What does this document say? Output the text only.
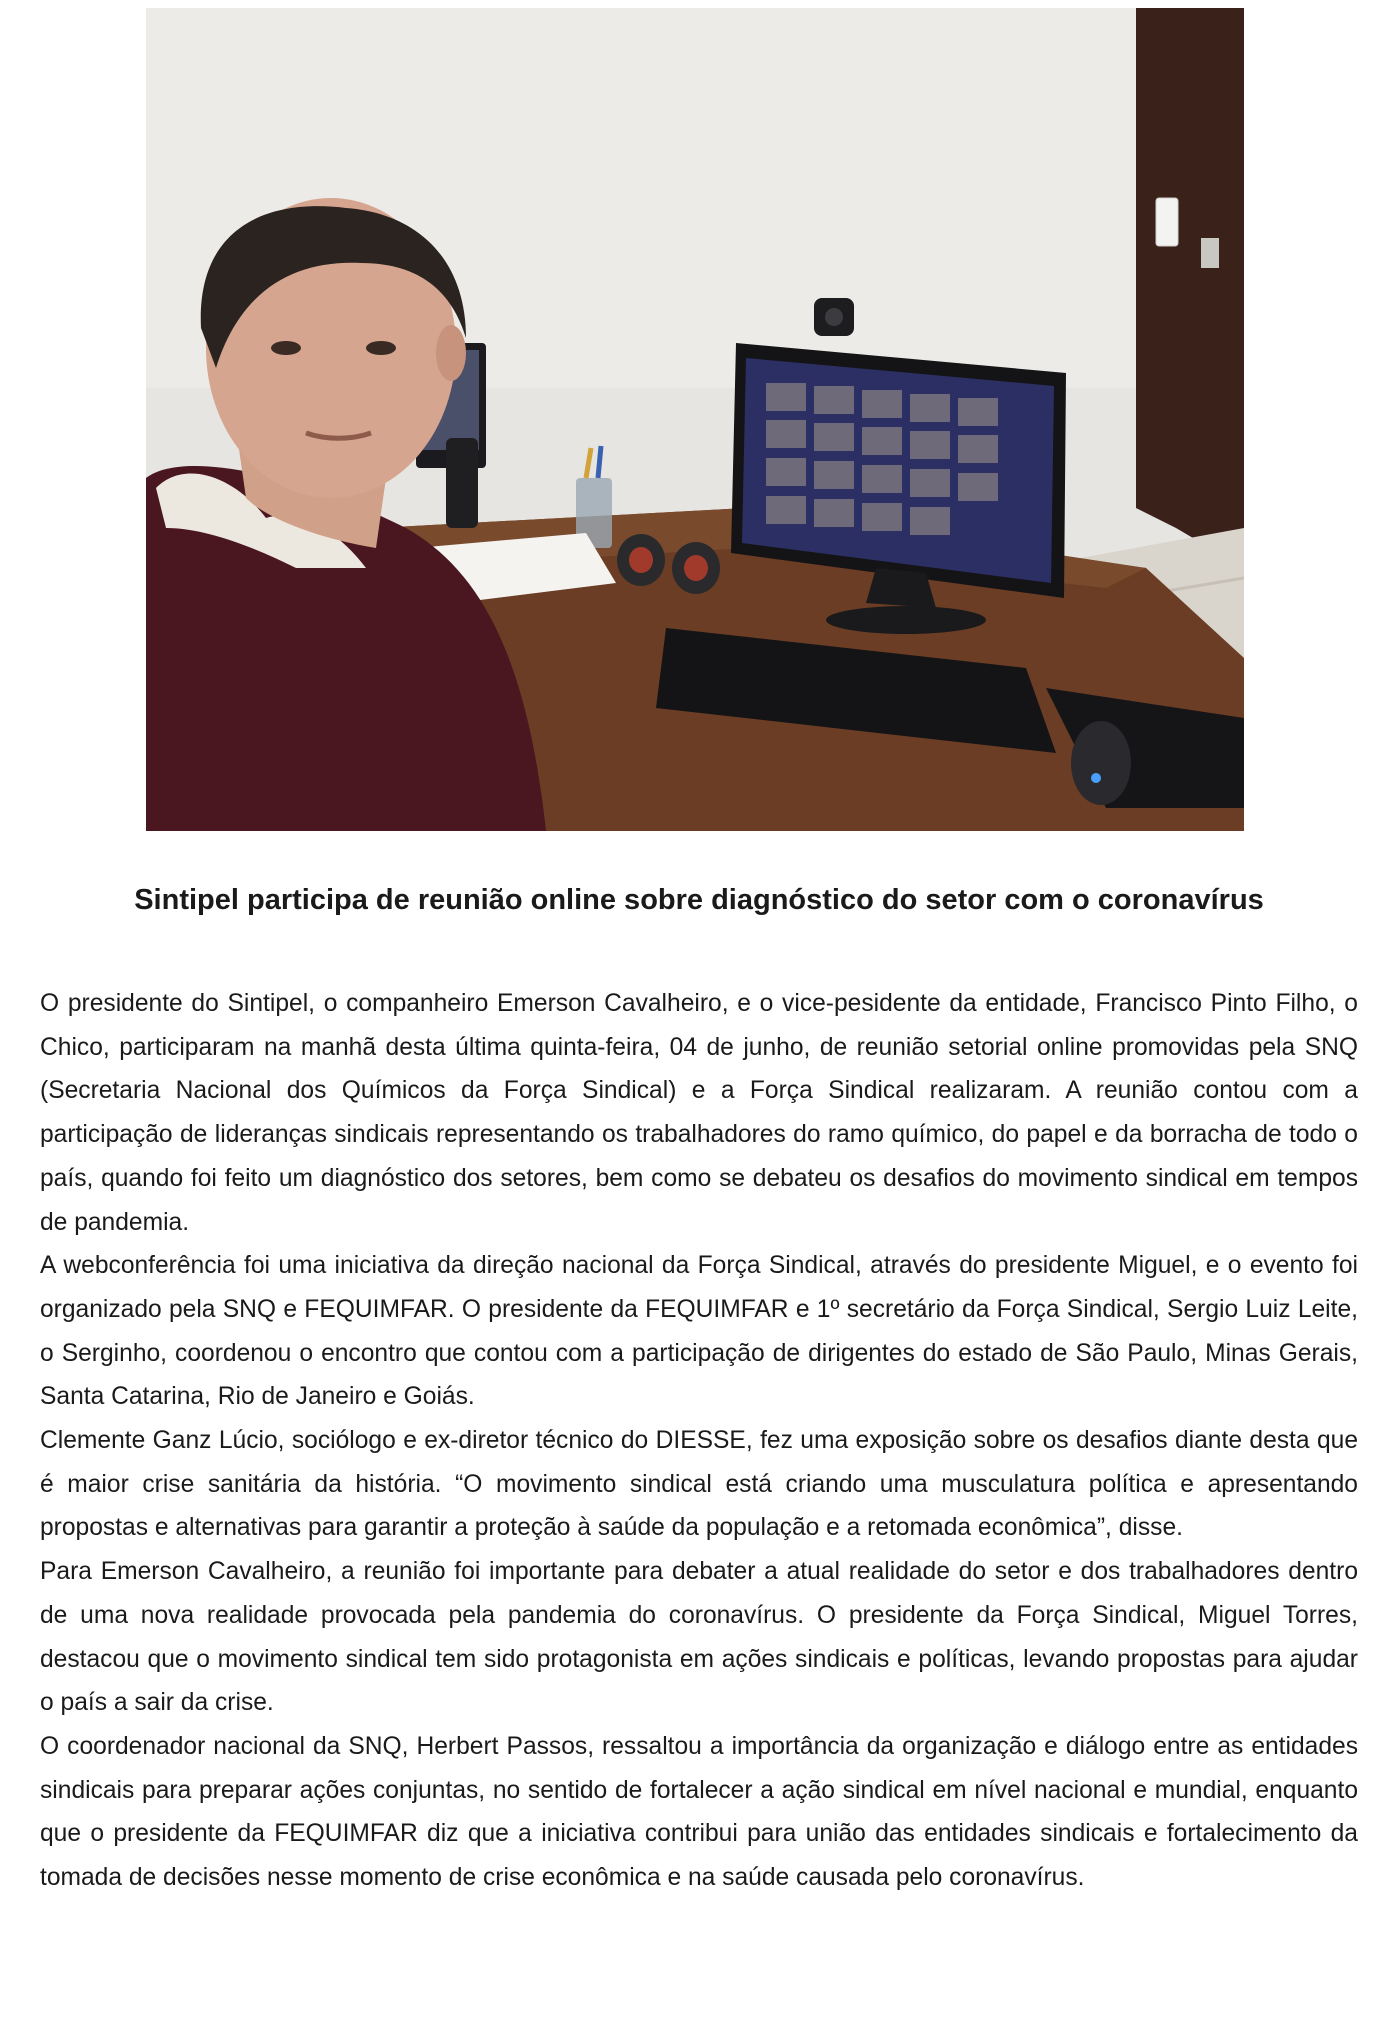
Sintipel participa de reunião online sobre diagnóstico do setor com o coronavírus

O presidente do Sintipel, o companheiro Emerson Cavalheiro, e o vice-pesidente da entidade, Francisco Pinto Filho, o Chico, participaram na manhã desta última quinta-feira, 04 de junho, de reunião setorial online promovidas pela SNQ (Secretaria Nacional dos Químicos da Força Sindical) e a Força Sindical realizaram. A reunião contou com a participação de lideranças sindicais representando os trabalhadores do ramo químico, do papel e da borracha de todo o país, quando foi feito um diagnóstico dos setores, bem como se debateu os desafios do movimento sindical em tempos de pandemia.

A webconferência foi uma iniciativa da direção nacional da Força Sindical, através do presidente Miguel, e o evento foi organizado pela SNQ e FEQUIMFAR. O presidente da FEQUIMFAR e 1º secretário da Força Sindical, Sergio Luiz Leite, o Serginho, coordenou o encontro que contou com a participação de dirigentes do estado de São Paulo, Minas Gerais, Santa Catarina, Rio de Janeiro e Goiás.

Clemente Ganz Lúcio, sociólogo e ex-diretor técnico do DIESSE, fez uma exposição sobre os desafios diante desta que é maior crise sanitária da história. “O movimento sindical está criando uma musculatura política e apresentando propostas e alternativas para garantir a proteção à saúde da população e a retomada econômica”, disse.

Para Emerson Cavalheiro, a reunião foi importante para debater a atual realidade do setor e dos trabalhadores dentro de uma nova realidade provocada pela pandemia do coronavírus. O presidente da Força Sindical, Miguel Torres, destacou que o movimento sindical tem sido protagonista em ações sindicais e políticas, levando propostas para ajudar o país a sair da crise.

O coordenador nacional da SNQ, Herbert Passos, ressaltou a importância da organização e diálogo entre as entidades sindicais para preparar ações conjuntas, no sentido de fortalecer a ação sindical em nível nacional e mundial, enquanto que o presidente da FEQUIMFAR diz que a iniciativa contribui para união das entidades sindicais e fortalecimento da tomada de decisões nesse momento de crise econômica e na saúde causada pelo coronavírus.
